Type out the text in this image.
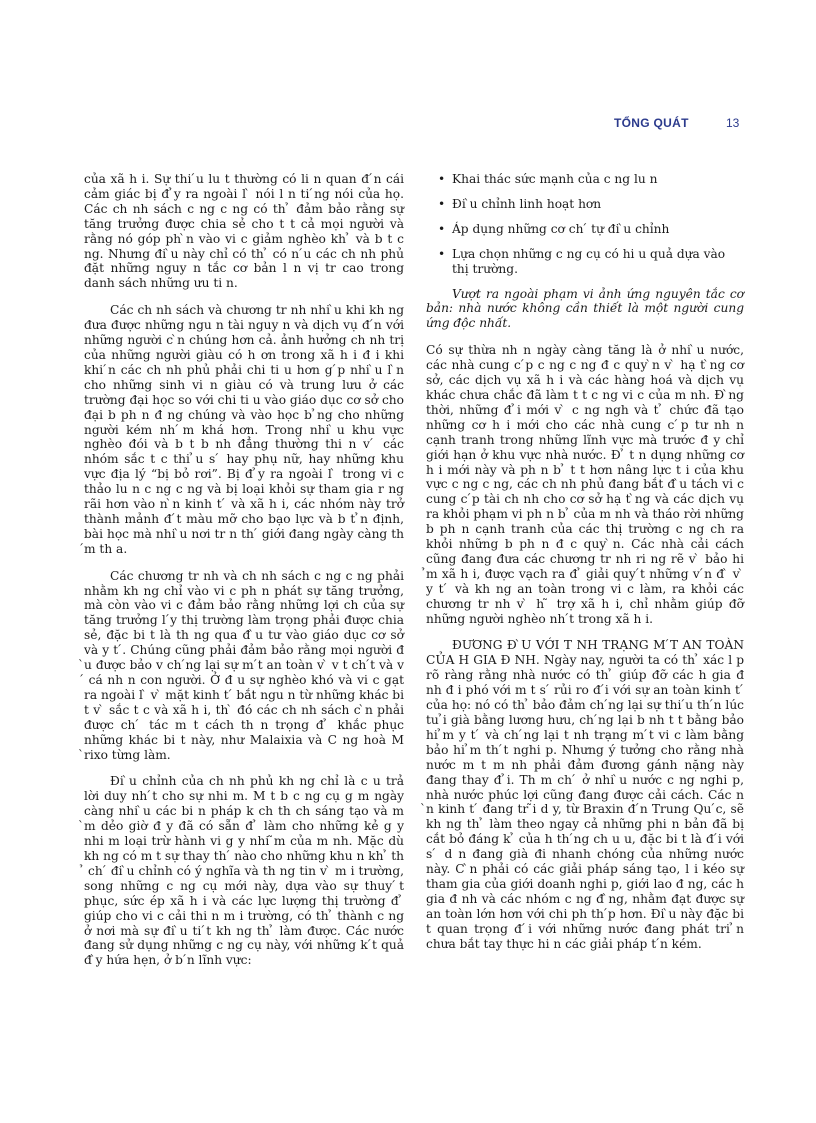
TỔNG QUÁT	13

của xã h i. Sự thi ́u lu t thường có li n quan đ ́n cái cảm giác bị đ ̉y ra ngoài l ̀ nói l n ti ́ng nói của họ. Các ch nh sách c ng c ng có th ̉ đảm bảo rằng sự tăng trưởng được chia sẻ cho t t cả mọi người và rằng nó góp ph ̀n vào vi c giảm nghèo kh ̉ và b t c ng. Nhưng đi ̀u này chỉ có th ̉ có n ́u các ch nh phủ đặt những nguy n tắc cơ bản l n vị tr cao trong danh sách những ưu ti n.

Các ch nh sách và chương tr nh nhi ̀u khi kh ng đưa được những ngu n tài nguy n và dịch vụ đ ́n với những người c ̀n chúng hơn cả. ảnh hưởng ch nh trị của những người giàu có h ơn trong xã h i đ i khi khi ́n các ch nh phủ phải chi ti u hơn g ́p nhi ̀u l ̀n cho những sinh vi n giàu có và trung lưu ở các trường đại học so với chi ti u vào giáo dục cơ sở cho đại b ph n đ ng chúng và vào học b ̉ng cho những người kém nh ́m khá hơn. Trong nhi ̀u khu vực nghèo đói và b t b nh đẳng thường thi n v ́ các nhóm sắc t c thi ̉u s ́ hay phụ nữ, hay những khu vực địa lý “bị bỏ rơi”. Bị đ ̉y ra ngoài l ̀ trong vi c thảo lu n c ng c ng và bị loại khỏi sự tham gia r ng rãi hơn vào n ̀n kinh t ́ và xã h i, các nhóm này trở thành mảnh đ ́t màu mỡ cho bạo lực và b t ̉n định, bài học mà nhi ̀u nơi tr n th ́ giới đang ngày càng th ́m th a.

Các chương tr nh và ch nh sách c ng c ng phải nhằm kh ng chỉ vào vi c ph n phát sự tăng trưởng, mà còn vào vi c đảm bảo rằng những lợi ch của sự tăng trưởng l ́y thị trường làm trọng phải được chia sẻ, đặc bi t là th ng qua đ ̀u tư vào giáo dục cơ sở và y t ́. Chúng cũng phải đảm bảo rằng mọi người đ ̀u được bảo v ch ́ng lại sự m ́t an toàn v ̀ v t ch ́t và v ́ cá nh n con người. Ở đ u sự nghèo khó và vi c gạt ra ngoài l ̀ v ̀ mặt kinh t ́ bắt ngu n từ những khác bi t v ̀ sắc t c và xã h i, th ̀ đó các ch nh sách c ̀n phải được ch ́ tác m t cách th n trọng đ ̉ khắc phục những khác bi t này, như Malaixia và C ng hoà M ̀rixo từng làm.

Đi ̀u chỉnh của ch nh phủ kh ng chỉ là c u trả lời duy nh ́t cho sự nhi m. M t b c ng cụ g m ngày càng nhi ̀u các bi n pháp k ch th ch sáng tạo và m ̀m dẻo giờ đ y đã có sẵn đ ̉ làm cho những kẻ g y nhi m loại trừ hành vi g y nhi ̃m của m nh. Mặc dù kh ng có m t sự thay th ́ nào cho những khu n kh ̉ th ̉ ch ́ đi ̀u chỉnh có ý nghĩa và th ng tin v ̀ m i trường, song những c ng cụ mới này, dựa vào sự thuy ́t phục, sức ép xã h i và các lực lượng thị trường đ ̉ giúp cho vi c cải thi n m i trường, có th ̉ thành c ng ở nơi mà sự đi ̀u ti ́t kh ng th ̉ làm được. Các nước đang sử dụng những c ng cụ này, với những k ́t quả đ ̀y hứa hẹn, ở b ́n lĩnh vực:

• Khai thác sức mạnh của c ng lu n
• Đi ̀u chỉnh linh hoạt hơn
• Áp dụng những cơ ch ́ tự đi ̀u chỉnh
• Lựa chọn những c ng cụ có hi u quả dựa vào thị trường.

Vượt ra ngoài phạm vi ảnh ứng nguyên tắc cơ bản: nhà nước không cần thiết là một người cung ứng độc nhất.

Có sự thừa nh n ngày càng tăng là ở nhi ̀u nước, các nhà cung c ́p c ng c ng đ c quy ̀n v ̀ hạ t ̀ng cơ sở, các dịch vụ xã h i và các hàng hoá và dịch vụ khác chưa chắc đã làm t t c ng vi c của m nh. Đ ̀ng thời, những đ ̉i mới v ̀ c ng ngh và t ̉ chức đã tạo những cơ h i mới cho các nhà cung c ́p tư nh n cạnh tranh trong những lĩnh vực mà trước đ y chỉ giới hạn ở khu vực nhà nước. Đ ̉ t n dụng những cơ h i mới này và ph n b ̉ t t hơn nâng lực t i của khu vực c ng c ng, các ch nh phủ đang bắt đ ̀u tách vi c cung c ́p tài ch nh cho cơ sở hạ t ̀ng và các dịch vụ ra khỏi phạm vi ph n b ̉ của m nh và tháo rời những b ph n cạnh tranh của các thị trường c ng ch ra khỏi những b ph n đ c quy ̀n. Các nhà cải cách cũng đang đưa các chương tr nh ri ng rẽ v ̀ bảo hi ̉m xã h i, được vạch ra đ ̉ giải quy ́t những v ́n đ ̀ v ̀ y t ́ và kh ng an toàn trong vi c làm, ra khỏi các chương tr nh v ̀ h ̃ trợ xã h i, chỉ nhằm giúp đỡ những người nghèo nh ́t trong xã h i.

ĐƯƠNG Đ ̀U VỚI T NH TRẠNG M ́T AN TOÀN CỦA H GIA Đ NH. Ngày nay, người ta có th ̉ xác l p rõ ràng rằng nhà nước có th ̉ giúp đỡ các h gia đ nh đ i phó với m t s ́ rủi ro đ ́i với sự an toàn kinh t ́ của họ: nó có th ̉ bảo đảm ch ́ng lại sự thi ́u th ́n lúc tu ̉i già bằng lương hưu, ch ́ng lại b nh t t bằng bảo hi ̉m y t ́ và ch ́ng lại t nh trạng m ́t vi c làm bằng bảo hi ̉m th ́t nghi p. Nhưng ý tưởng cho rằng nhà nước m t m nh phải đảm đương gánh nặng này đang thay đ ̉i. Th m ch ́ ở nhi ̀u nước c ng nghi p, nhà nước phúc lợi cũng đang được cải cách. Các n ̀n kinh t ́ đang tr ̃i d y, từ Braxin đ ́n Trung Qu ́c, sẽ kh ng th ̉ làm theo ngay cả những phi n bản đã bị cắt bỏ đáng k ̉ của h th ́ng ch u u, đặc bi t là đ ́i với s ́ d n đang già đi nhanh chóng của những nước này. C ̀n phải có các giải pháp sáng tạo, l i kéo sự tham gia của giới doanh nghi p, giới lao đ ng, các h gia đ nh và các nhóm c ng đ ̀ng, nhằm đạt được sự an toàn lớn hơn với chi ph th ́p hơn. Đi ̀u này đặc bi t quan trọng đ ́i với những nước đang phát tri ̉n chưa bắt tay thực hi n các giải pháp t ́n kém.
